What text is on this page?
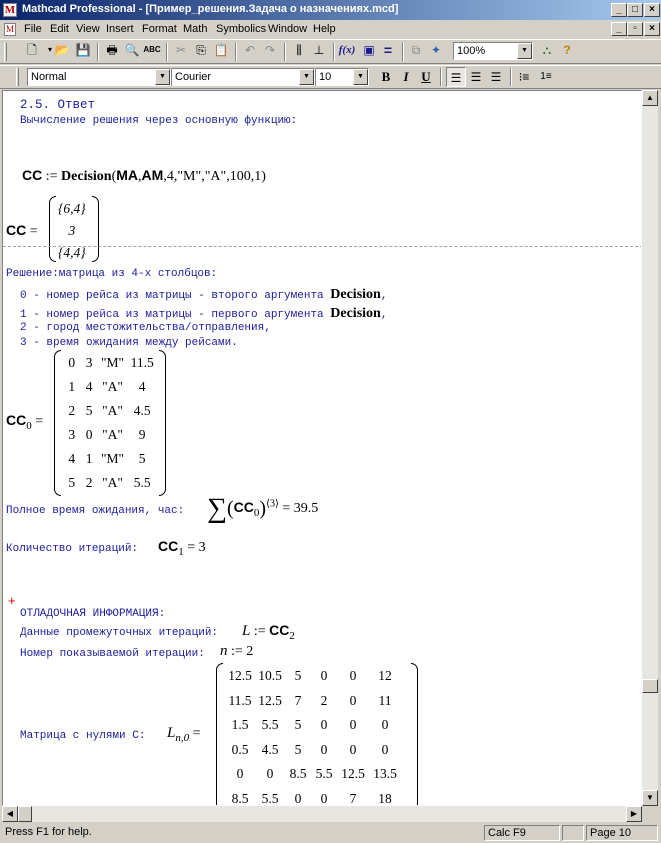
M Mathcad Professional - [Пример_решения.Задача о назначениях.mcd]	_	□	×
M File Edit View Insert Format Math Symbolics Window Help	_	▫	×
🗋	▾ 📂 💾	🖶 🔍 ABC	✂ ⎘ 📋	↶ ↷	⫼	⊥	f(x) ▣ =	⧉ ✦	100%	▼	⛬	?
Normal	▼ Courier	▼ 10	▼	B	I U	☰ ☰ ☰	⁝≡	1≡
2.5. Ответ
Вычисление решения через основную функцию:
CC := Decision(MA,AM,4,"M","A",100,1)
CC =
{6,4}
3
{4,4}
Решение:матрица из 4-х столбцов:
0 - номер рейса из матрицы - второго аргумента Decision,
1 - номер рейса из матрицы - первого аргумента Decision,
2 - город местожительства/отправления,
3 - время ожидания между рейсами.
$CC_0$ =
0	3	"M"	11.5
1	4	"A"	4
2	5	"A"	4.5
3	0	"A"	9
4	1	"M"	5
5	2	"A"	5.5
Полное время ожидания, час: $\sum(CC_0)^{⟨3⟩} = 39.5$
Количество итераций: $CC_1 = 3$
+
ОТЛАДОЧНАЯ ИНФОРМАЦИЯ:
Данные промежуточных итераций: L := $CC_2$
Номер показываемой итерации: n := 2
Матрица с нулями C: $L_{n,0}$ =
12.5	10.5	5	0	0	12
11.5	12.5	7	2	0	11
1.5	5.5	5	0	0	0
0.5	4.5	5	0	0	0
0	0	8.5	5.5	12.5	13.5
8.5	5.5	0	0	7	18
▲
▼
◀	▶
Press F1 for help.	Calc F9	Page 10
